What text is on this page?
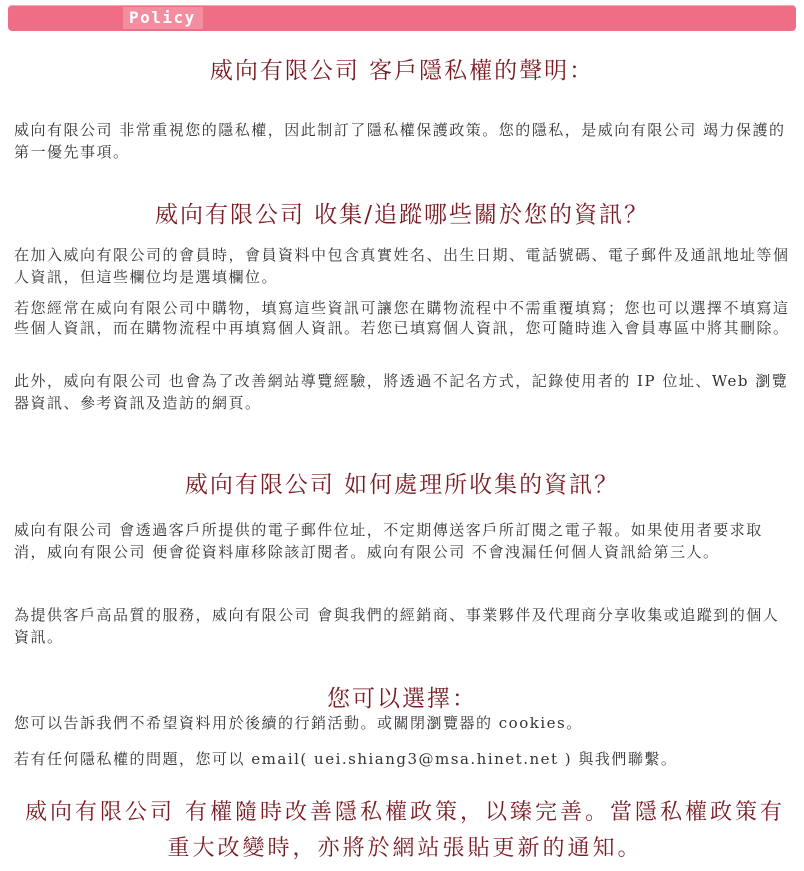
Policy
威向有限公司 客戶隱私權的聲明：

威向有限公司 非常重視您的隱私權，因此制訂了隱私權保護政策。您的隱私，是威向有限公司 竭力保護的第一優先事項。

威向有限公司 收集/追蹤哪些關於您的資訊？

在加入威向有限公司的會員時，會員資料中包含真實姓名、出生日期、電話號碼、電子郵件及通訊地址等個人資訊，但這些欄位均是選填欄位。

若您經常在威向有限公司中購物，填寫這些資訊可讓您在購物流程中不需重覆填寫；您也可以選擇不填寫這些個人資訊，而在購物流程中再填寫個人資訊。若您已填寫個人資訊，您可隨時進入會員專區中將其刪除。

此外，威向有限公司 也會為了改善網站導覽經驗，將透過不記名方式，記錄使用者的 IP 位址、Web 瀏覽器資訊、參考資訊及造訪的網頁。

威向有限公司 如何處理所收集的資訊？

威向有限公司 會透過客戶所提供的電子郵件位址，不定期傳送客戶所訂閱之電子報。如果使用者要求取消，威向有限公司 便會從資料庫移除該訂閱者。威向有限公司 不會洩漏任何個人資訊給第三人。

為提供客戶高品質的服務，威向有限公司 會與我們的經銷商、事業夥伴及代理商分享收集或追蹤到的個人資訊。

您可以選擇：

您可以告訴我們不希望資料用於後續的行銷活動。或關閉瀏覽器的 cookies。

若有任何隱私權的問題，您可以 email( uei.shiang3@msa.hinet.net ) 與我們聯繫。

威向有限公司 有權隨時改善隱私權政策，以臻完善。當隱私權政策有重大改變時，亦將於網站張貼更新的通知。
